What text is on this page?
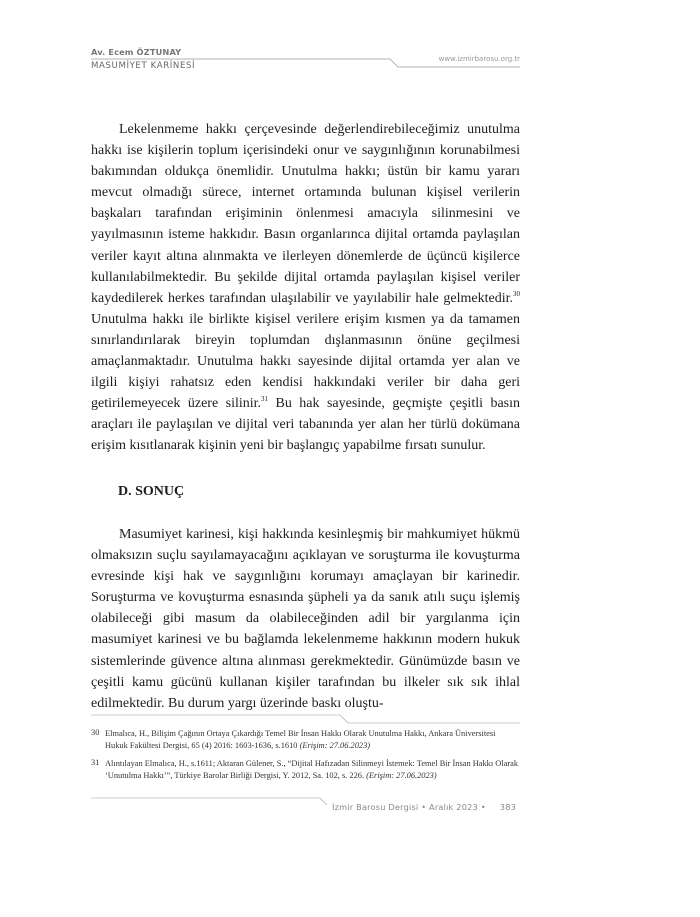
Av. Ecem ÖZTUNAY
MASUMİYET KARİNESİ
www.izmirbarosu.org.tr

Lekelenmeme hakkı çerçevesinde değerlendirebileceğimiz unutulma hakkı ise kişilerin toplum içerisindeki onur ve saygınlığının korunabilmesi bakımından oldukça önemlidir. Unutulma hakkı; üstün bir kamu yararı mevcut olmadığı sürece, internet ortamında bulunan kişisel verilerin başkaları tarafından erişiminin önlenmesi amacıyla silinmesini ve yayılmasının isteme hakkıdır. Basın organlarınca dijital ortamda paylaşılan veriler kayıt altına alınmakta ve ilerleyen dönemlerde de üçüncü kişilerce kullanılabilmektedir. Bu şekilde dijital ortamda paylaşılan kişisel veriler kaydedilerek herkes tarafından ulaşılabilir ve yayılabilir hale gelmektedir.$^{30}$ Unutulma hakkı ile birlikte kişisel verilere erişim kısmen ya da tamamen sınırlandırılarak bireyin toplumdan dışlanmasının önüne geçilmesi amaçlanmaktadır. Unutulma hakkı sayesinde dijital ortamda yer alan ve ilgili kişiyi rahatsız eden kendisi hakkındaki veriler bir daha geri getirilemeyecek üzere silinir.$^{31}$ Bu hak sayesinde, geçmişte çeşitli basın araçları ile paylaşılan ve dijital veri tabanında yer alan her türlü dokümana erişim kısıtlanarak kişinin yeni bir başlangıç yapabilme fırsatı sunulur.

D. SONUÇ

Masumiyet karinesi, kişi hakkında kesinleşmiş bir mahkumiyet hükmü olmaksızın suçlu sayılamayacağını açıklayan ve soruşturma ile kovuşturma evresinde kişi hak ve saygınlığını korumayı amaçlayan bir karinedir. Soruşturma ve kovuşturma esnasında şüpheli ya da sanık atılı suçu işlemiş olabileceği gibi masum da olabileceğinden adil bir yargılanma için masumiyet karinesi ve bu bağlamda lekelenmeme hakkının modern hukuk sistemlerinde güvence altına alınması gerekmektedir. Günümüzde basın ve çeşitli kamu gücünü kullanan kişiler tarafından bu ilkeler sık sık ihlal edilmektedir. Bu durum yargı üzerinde baskı oluştu-

30 Elmalıca, H., Bilişim Çağının Ortaya Çıkardığı Temel Bir İnsan Hakkı Olarak Unutulma Hakkı, Ankara Üniversitesi Hukuk Fakültesi Dergisi, 65 (4) 2016: 1603-1636, s.1610 (Erişim: 27.06.2023)
31 Alıntılayan Elmalıca, H., s.1611; Aktaran Gülener, S., “Dijital Hafızadan Silinmeyi İstemek: Temel Bir İnsan Hakkı Olarak ‘Unutulma Hakkı’”, Türkiye Barolar Birliği Dergisi, Y. 2012, Sa. 102, s. 226. (Erişim: 27.06.2023)
İzmir Barosu Dergisi • Aralık 2023 • 383
